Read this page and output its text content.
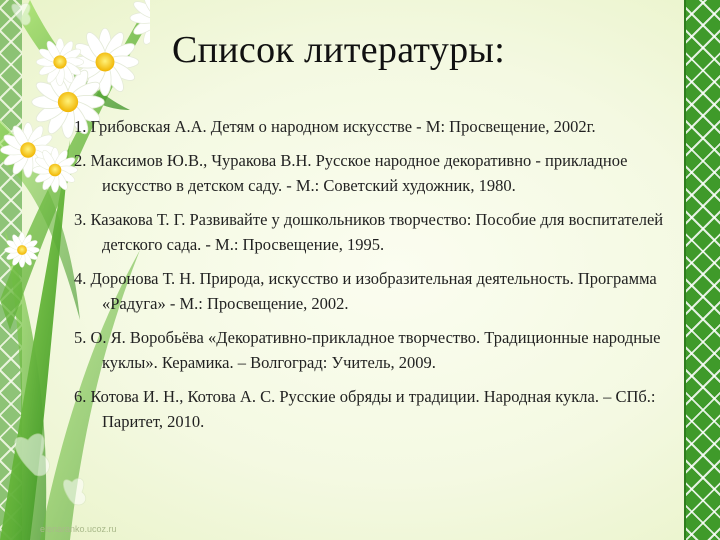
Список литературы:
1. Грибовская А.А. Детям о народном искусстве - М: Просвещение, 2002г.
2. Максимов Ю.В., Чуракова В.Н. Русское народное декоративно - прикладное искусство в детском саду. - М.: Советский художник, 1980.
3. Казакова Т. Г. Развивайте у дошкольников творчество: Пособие для воспитателей детского сада. - М.: Просвещение, 1995.
4. Доронова Т. Н. Природа, искусство и изобразительная деятельность. Программа «Радуга» - М.: Просвещение, 2002.
5. О. Я. Воробьёва «Декоративно-прикладное творчество. Традиционные народные куклы». Керамика. – Волгоград: Учитель, 2009.
6. Котова И. Н., Котова А. С. Русские обряды и традиции. Народная кукла. – СПб.: Паритет, 2010.
elenaranko.ucoz.ru
